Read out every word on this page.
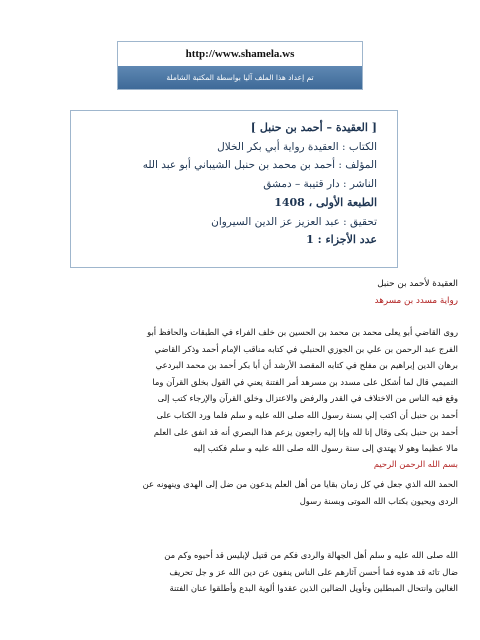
http://www.shamela.ws
تم إعداد هذا الملف آليا بواسطة المكتبة الشاملة
[ العقيدة – أحمد بن حنبل ]
الكتاب : العقيدة رواية أبي بكر الخلال
المؤلف : أحمد بن محمد بن حنبل الشيباني أبو عبد الله
الناشر : دار قتيبة – دمشق
الطبعة الأولى ، 1408
تحقيق : عبد العزيز عز الدين السيروان
عدد الأجزاء : 1
العقيدة لأحمد بن حنبل
رواية مسدد بن مسرهد
روى القاضي أبو يعلى محمد بن محمد بن الحسين بن خلف الفراء في الطبقات والحافظ أبو
الفرج عبد الرحمن بن علي بن الجوزي الحنبلي في كتابه مناقب الإمام أحمد وذكر القاضي
برهان الدين إبراهيم بن مفلح في كتابه المقصد الأرشد أن أبا بكر أحمد بن محمد البردعي
التميمي قال لما أشكل على مسدد بن مسرهد أمر الفتنة يعني في القول بخلق القرآن وما
وقع فيه الناس من الاختلاف في القدر والرفض والاعتزال وخلق القرآن والإرجاء كتب إلى
أحمد بن حنبل أن اكتب إلي بسنة رسول الله صلى الله عليه و سلم فلما ورد الكتاب على
أحمد بن حنبل بكى وقال إنا لله وإنا إليه راجعون يزعم هذا البصري أنه قد انفق على العلم
مالا عظيما وهو لا يهتدي إلى سنة رسول الله صلى الله عليه و سلم فكتب إليه
بسم الله الرحمن الرحيم
الحمد الله الذي جعل في كل زمان بقايا من أهل العلم يدعون من ضل إلى الهدى وينهونه عن
الردى ويحيون بكتاب الله الموتى وبسنة رسول
الله صلى الله عليه و سلم أهل الجهالة والردى فكم من قتيل لإبليس قد أحيوه وكم من
ضال تائه قد هدوه فما أحسن آثارهم على الناس ينفون عن دين الله عز و جل تحريف
الغالين وانتحال المبطلين وتأويل الضالين الذين عقدوا ألوية البدع وأطلقوا عنان الفتنة
